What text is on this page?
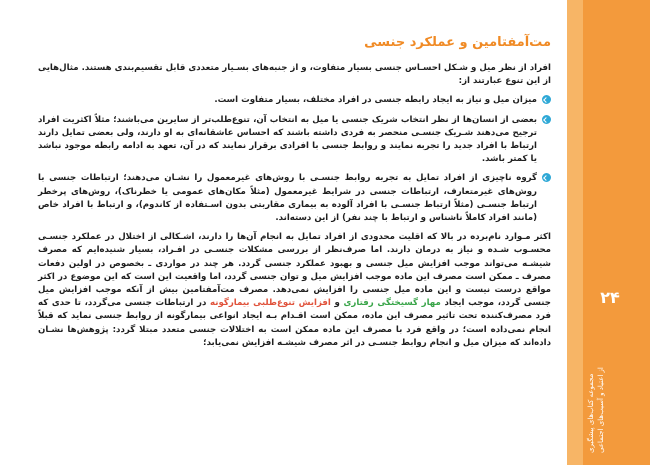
مت‌آمفتامین و عملکرد جنسی

افراد از نظر میل و شـکل احسـاس جنسی بسیار متفاوت، و از جنبه‌های بسـیار متعددی قابل تقسیم‌بندی هستند. مثال‌هایی از این تنوع عبارتند از:

میزان میل و نیاز به ایجاد رابطه جنسی در افراد مختلف، بسیار متفاوت است.
بعضی از انسان‌ها از نظر انتخاب شریک جنسی یا میل به انتخاب آن، تنوع‌طلب‌تر از سایرین می‌باشند؛ مثلاً اکثریت افراد ترجیح می‌دهند شـریک جنسـی منحصر به فردی داشته باشند که احساس عاشقانه‌ای به او دارند، ولی بعضی تمایل دارند ارتباط با افراد جدید را تجربه نمایند و روابط جنسی با افرادی برقرار نمایند که در آن، تعهد به ادامه رابطه موجود نباشد یا کمتر باشد.
گروه ناچیزی از افراد تمایل به تجربه روابط جنسـی با روش‌های غیرمعمول را نشـان می‌دهند؛ ارتباطات جنسی با روش‌های غیرمتعارف، ارتباطات جنسی در شرایط غیرمعمول (مثلاً مکان‌های عمومی یا خطرناک)، روش‌های پرخطر ارتباط جنسـی (مثلاً ارتباط جنسـی با افراد آلوده به بیماری مقاربتی بدون اسـتفاده از کاندوم)، و ارتباط با افراد خاص (مانند افراد کاملاً ناشناس و ارتباط با چند نفر) از این دسته‌اند.

اکثر مـوارد نام‌برده در بالا که اقلیت محدودی از افراد تمایل به انجام آن‌ها را دارند، اشـکالی از اختلال در عملکرد جنسـی محسـوب شـده و نیاز به درمان دارند. اما صرف‌نظر از بررسی مشکلات جنسـی در افـراد، بسیار شنیده‌ایم که مصرف شیشـه می‌تواند موجب افزایش میل جنسی و بهبود عملکرد جنسی گردد. هر چند در مواردی ـ بخصوص در اولین دفعات مصرف ـ ممکن است مصرف این ماده موجب افزایش میل و توان جنسی گردد، اما واقعیت این است که این موضوع در اکثر مواقع درست نیست و این ماده میل جنسی را افزایش نمی‌دهد. مصرف مت‌آمفتامین بیش از آنکه موجب افزایش میل جنسی گردد، موجب ایجاد مهار گسیختگی رفتاری و افزایش تنوع‌طلبی بیمارگونه در ارتباطات جنسی می‌گردد، تا حدی که فرد مصرف‌کننده تحت تاثیر مصرف این ماده، ممکن است اقـدام بـه ایجاد انواعی بیمارگونه از روابط جنسی نماید که قبلاً انجام نمی‌داده است؛ در واقع فرد با مصرف این ماده ممکن است به اختلالات جنسی متعدد مبتلا گردد: پژوهش‌ها نشـان داده‌اند که میزان میل و انجام روابط جنسـی در اثر مصرف شیشـه افزایش نمی‌یابد؛

۲۴
مجموعه کتاب‌های پیشگیری از اعتیاد و آسیب‌های اجتماعی
